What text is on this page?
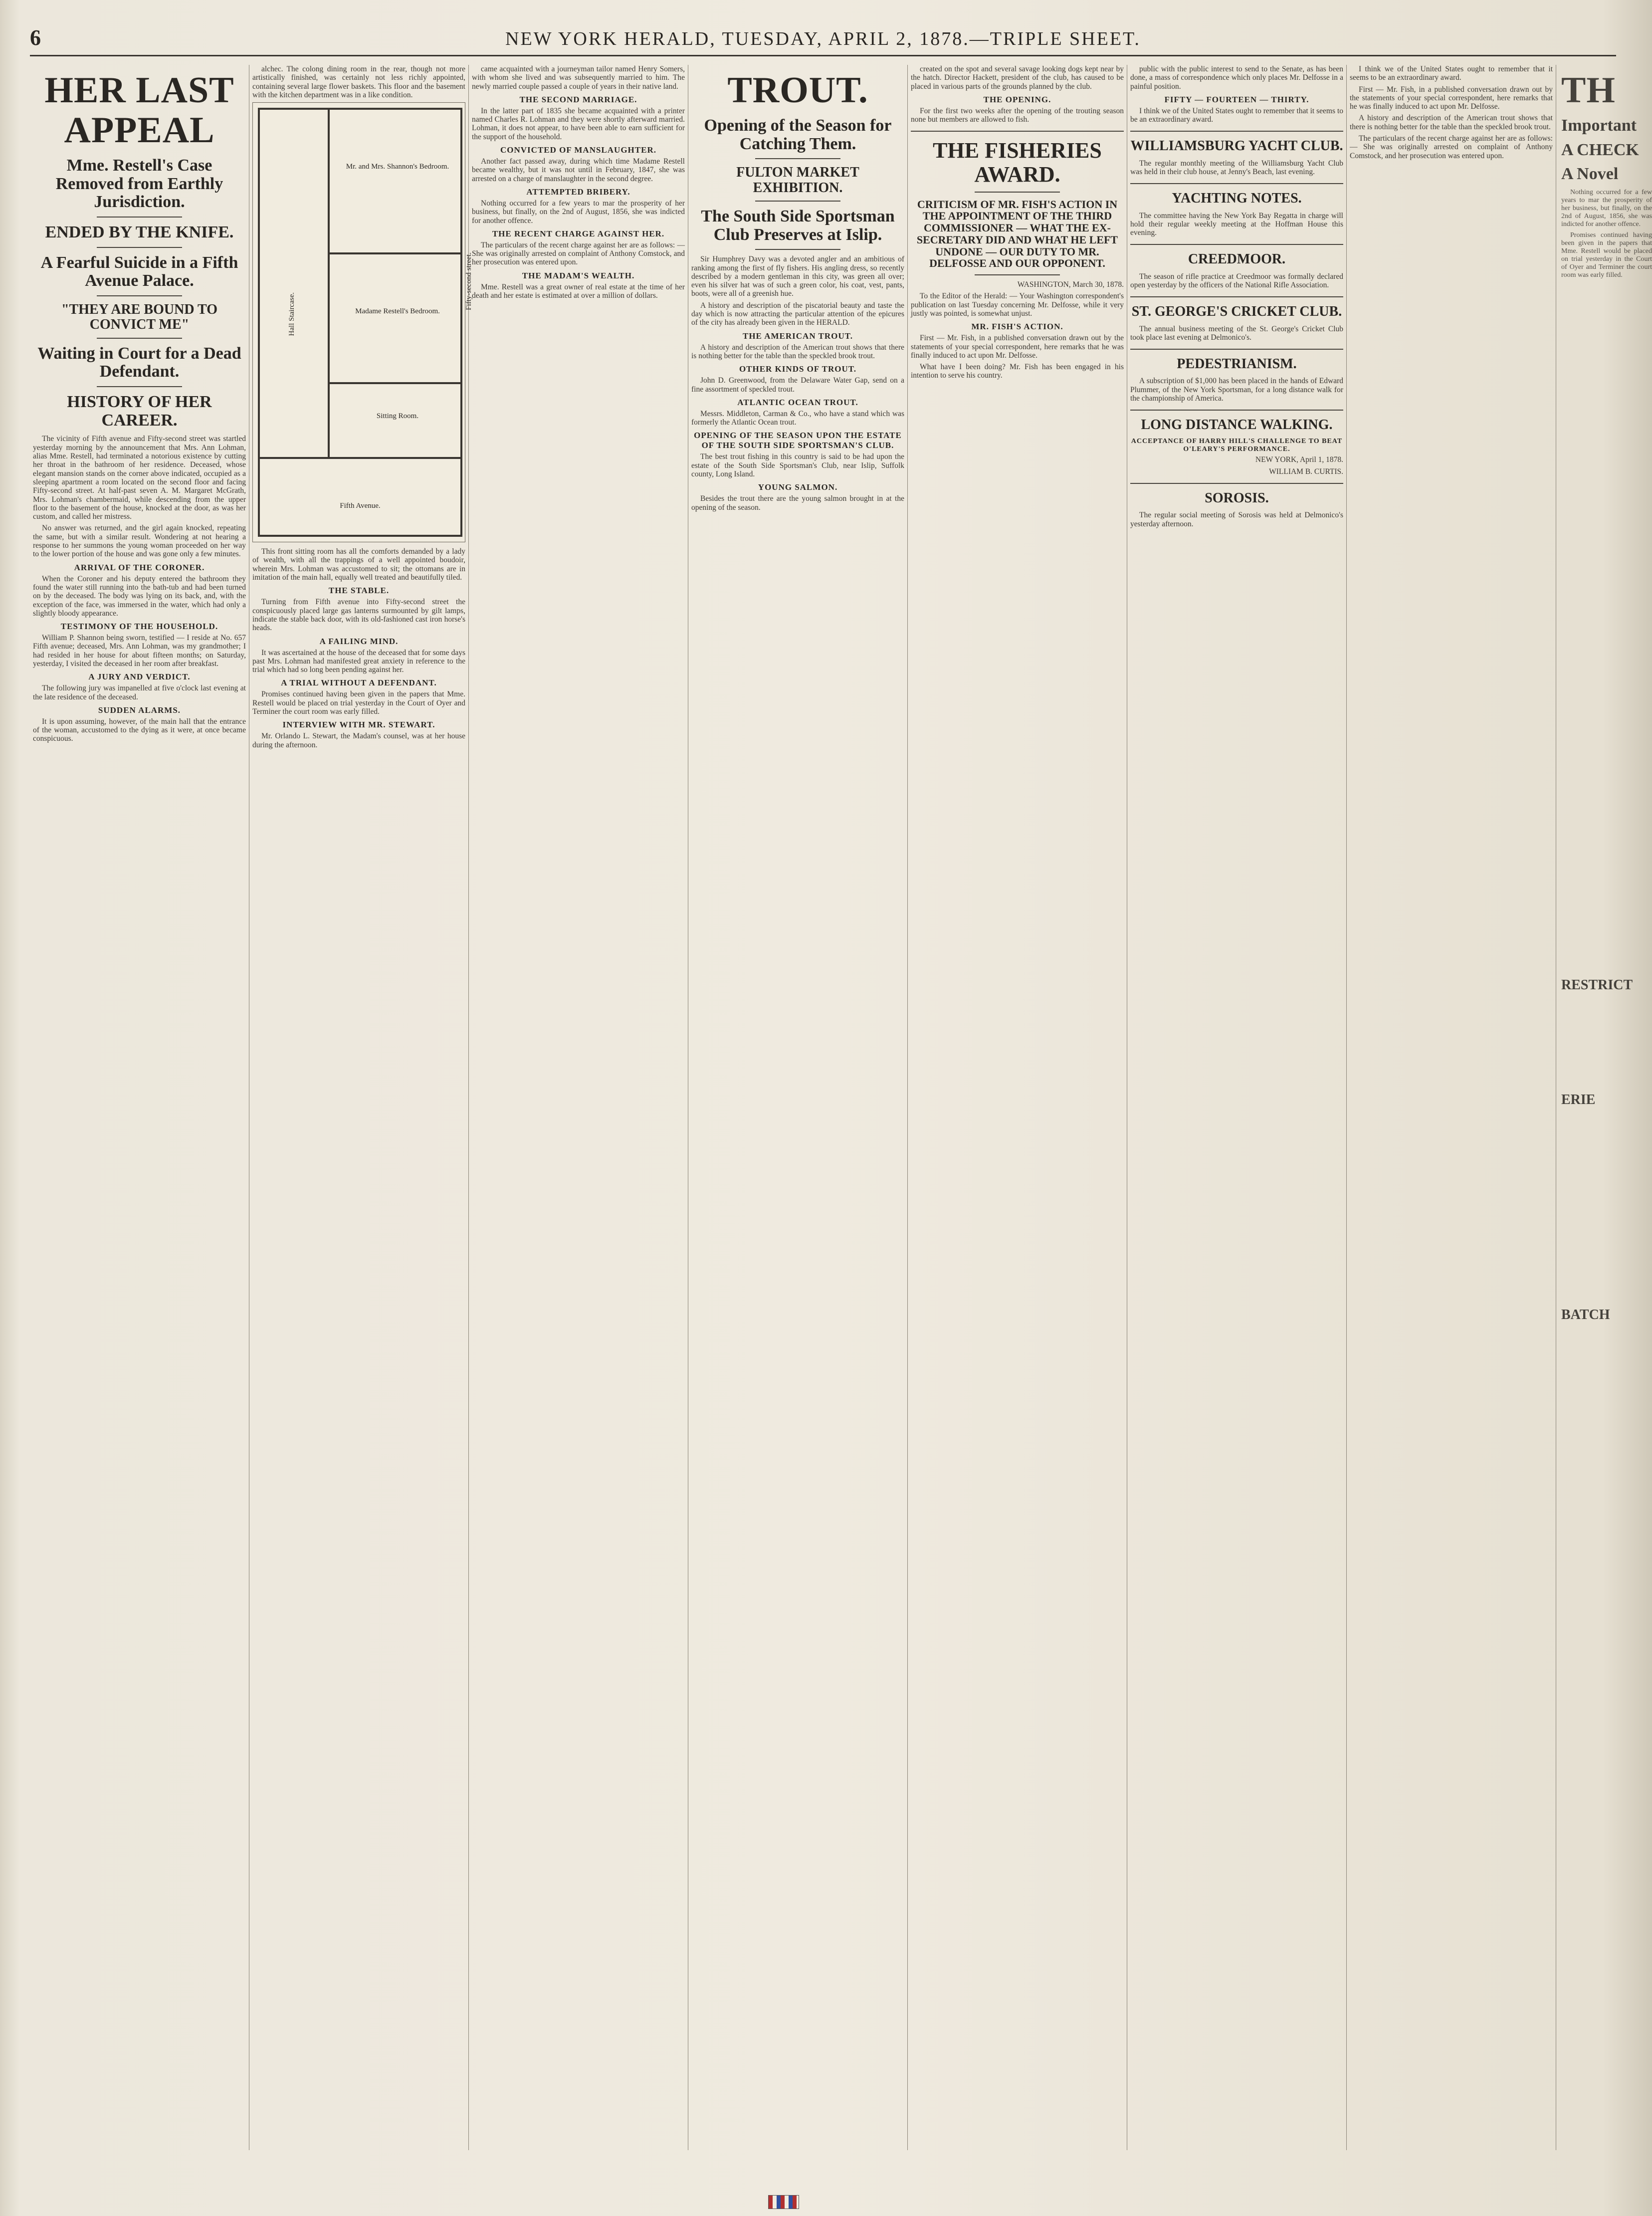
6	NEW YORK HERALD, TUESDAY, APRIL 2, 1878.—TRIPLE SHEET.
HER LAST APPEAL
Mme. Restell's Case Removed from Earthly Jurisdiction.
ENDED BY THE KNIFE.
A Fearful Suicide in a Fifth Avenue Palace.
"THEY ARE BOUND TO CONVICT ME"
Waiting in Court for a Dead Defendant.
HISTORY OF HER CAREER.

The vicinity of Fifth avenue and Fifty-second street was startled yesterday morning by the announcement that Mrs. Ann Lohman, alias Mme. Restell, had terminated a notorious existence by cutting her throat in the bathroom of her residence. Deceased, whose elegant mansion stands on the corner above indicated, occupied as a sleeping apartment a room located on the second floor and facing Fifty-second street. At half-past seven A. M. Margaret McGrath, Mrs. Lohman's chambermaid, while descending from the upper floor to the basement of the house, knocked at the door, as was her custom, and called her mistress.

No answer was returned, and the girl again knocked, repeating the same, but with a similar result. Wondering at not hearing a response to her summons the young woman proceeded on her way to the lower portion of the house and was gone only a few minutes.

ARRIVAL OF THE CORONER.

When the Coroner and his deputy entered the bathroom they found the water still running into the bath-tub and had been turned on by the deceased. The body was lying on its back, and, with the exception of the face, was immersed in the water, which had only a slightly bloody appearance.

TESTIMONY OF THE HOUSEHOLD.

William P. Shannon being sworn, testified — I reside at No. 657 Fifth avenue; deceased, Mrs. Ann Lohman, was my grandmother; I had resided in her house for about fifteen months; on Saturday, yesterday, I visited the deceased in her room after breakfast.

A JURY AND VERDICT.

The following jury was impanelled at five o'clock last evening at the late residence of the deceased.

SUDDEN ALARMS.

It is upon assuming, however, of the main hall that the entrance of the woman, accustomed to the dying as it were, at once became conspicuous.

alchec. The colong dining room in the rear, though not more artistically finished, was certainly not less richly appointed, containing several large flower baskets. This floor and the basement with the kitchen department was in a like condition.

Mr. and Mrs. Shannon's Bedroom.
Madame Restell's Bedroom.
Hall Staircase.
Fifty-second street.
Sitting Room.
Fifth Avenue.

This front sitting room has all the comforts demanded by a lady of wealth, with all the trappings of a well appointed boudoir, wherein Mrs. Lohman was accustomed to sit; the ottomans are in imitation of the main hall, equally well treated and beautifully tiled.

THE STABLE.

Turning from Fifth avenue into Fifty-second street the conspicuously placed large gas lanterns surmounted by gilt lamps, indicate the stable back door, with its old-fashioned cast iron horse's heads.

A FAILING MIND.

It was ascertained at the house of the deceased that for some days past Mrs. Lohman had manifested great anxiety in reference to the trial which had so long been pending against her.

A TRIAL WITHOUT A DEFENDANT.

Promises continued having been given in the papers that Mme. Restell would be placed on trial yesterday in the Court of Oyer and Terminer the court room was early filled.

INTERVIEW WITH MR. STEWART.

Mr. Orlando L. Stewart, the Madam's counsel, was at her house during the afternoon.

came acquainted with a journeyman tailor named Henry Somers, with whom she lived and was subsequently married to him. The newly married couple passed a couple of years in their native land.

THE SECOND MARRIAGE.

In the latter part of 1835 she became acquainted with a printer named Charles R. Lohman and they were shortly afterward married. Lohman, it does not appear, to have been able to earn sufficient for the support of the household.

CONVICTED OF MANSLAUGHTER.

Another fact passed away, during which time Madame Restell became wealthy, but it was not until in February, 1847, she was arrested on a charge of manslaughter in the second degree.

ATTEMPTED BRIBERY.

Nothing occurred for a few years to mar the prosperity of her business, but finally, on the 2nd of August, 1856, she was indicted for another offence.

THE RECENT CHARGE AGAINST HER.

The particulars of the recent charge against her are as follows: — She was originally arrested on complaint of Anthony Comstock, and her prosecution was entered upon.

THE MADAM'S WEALTH.

Mme. Restell was a great owner of real estate at the time of her death and her estate is estimated at over a million of dollars.

TROUT.
Opening of the Season for Catching Them.
FULTON MARKET EXHIBITION.
The South Side Sportsman Club Preserves at Islip.

Sir Humphrey Davy was a devoted angler and an ambitious of ranking among the first of fly fishers. His angling dress, so recently described by a modern gentleman in this city, was green all over; even his silver hat was of such a green color, his coat, vest, pants, boots, were all of a greenish hue.

A history and description of the piscatorial beauty and taste the day which is now attracting the particular attention of the epicures of the city has already been given in the HERALD.

THE AMERICAN TROUT.

A history and description of the American trout shows that there is nothing better for the table than the speckled brook trout.

OTHER KINDS OF TROUT.

John D. Greenwood, from the Delaware Water Gap, send on a fine assortment of speckled trout.

ATLANTIC OCEAN TROUT.

Messrs. Middleton, Carman & Co., who have a stand which was formerly the Atlantic Ocean trout.

OPENING OF THE SEASON UPON THE ESTATE OF THE SOUTH SIDE SPORTSMAN'S CLUB.

The best trout fishing in this country is said to be had upon the estate of the South Side Sportsman's Club, near Islip, Suffolk county, Long Island.

YOUNG SALMON.

Besides the trout there are the young salmon brought in at the opening of the season.

created on the spot and several savage looking dogs kept near by the hatch. Director Hackett, president of the club, has caused to be placed in various parts of the grounds planned by the club.

THE OPENING.

For the first two weeks after the opening of the trouting season none but members are allowed to fish.

THE FISHERIES AWARD.
CRITICISM OF MR. FISH'S ACTION IN THE APPOINTMENT OF THE THIRD COMMISSIONER — WHAT THE EX-SECRETARY DID AND WHAT HE LEFT UNDONE — OUR DUTY TO MR. DELFOSSE AND OUR OPPONENT.

WASHINGTON, March 30, 1878.

To the Editor of the Herald: — Your Washington correspondent's publication on last Tuesday concerning Mr. Delfosse, while it very justly was pointed, is somewhat unjust.

MR. FISH'S ACTION.

First — Mr. Fish, in a published conversation drawn out by the statements of your special correspondent, here remarks that he was finally induced to act upon Mr. Delfosse.

What have I been doing? Mr. Fish has been engaged in his intention to serve his country.

public with the public interest to send to the Senate, as has been done, a mass of correspondence which only places Mr. Delfosse in a painful position.

FIFTY — FOURTEEN — THIRTY.

I think we of the United States ought to remember that it seems to be an extraordinary award.

WILLIAMSBURG YACHT CLUB.

The regular monthly meeting of the Williamsburg Yacht Club was held in their club house, at Jenny's Beach, last evening.

YACHTING NOTES.

The committee having the New York Bay Regatta in charge will hold their regular weekly meeting at the Hoffman House this evening.

CREEDMOOR.

The season of rifle practice at Creedmoor was formally declared open yesterday by the officers of the National Rifle Association.

ST. GEORGE'S CRICKET CLUB.

The annual business meeting of the St. George's Cricket Club took place last evening at Delmonico's.

PEDESTRIANISM.

A subscription of $1,000 has been placed in the hands of Edward Plummer, of the New York Sportsman, for a long distance walk for the championship of America.

LONG DISTANCE WALKING.
ACCEPTANCE OF HARRY HILL'S CHALLENGE TO BEAT O'LEARY'S PERFORMANCE.

NEW YORK, April 1, 1878.

WILLIAM B. CURTIS.

SOROSIS.

The regular social meeting of Sorosis was held at Delmonico's yesterday afternoon.

I think we of the United States ought to remember that it seems to be an extraordinary award.

First — Mr. Fish, in a published conversation drawn out by the statements of your special correspondent, here remarks that he was finally induced to act upon Mr. Delfosse.

A history and description of the American trout shows that there is nothing better for the table than the speckled brook trout.

The particulars of the recent charge against her are as follows: — She was originally arrested on complaint of Anthony Comstock, and her prosecution was entered upon.

TH
Important
A CHECK
A Novel

Nothing occurred for a few years to mar the prosperity of her business, but finally, on the 2nd of August, 1856, she was indicted for another offence.

Promises continued having been given in the papers that Mme. Restell would be placed on trial yesterday in the Court of Oyer and Terminer the court room was early filled.

RESTRICT
ERIE
BATCH
